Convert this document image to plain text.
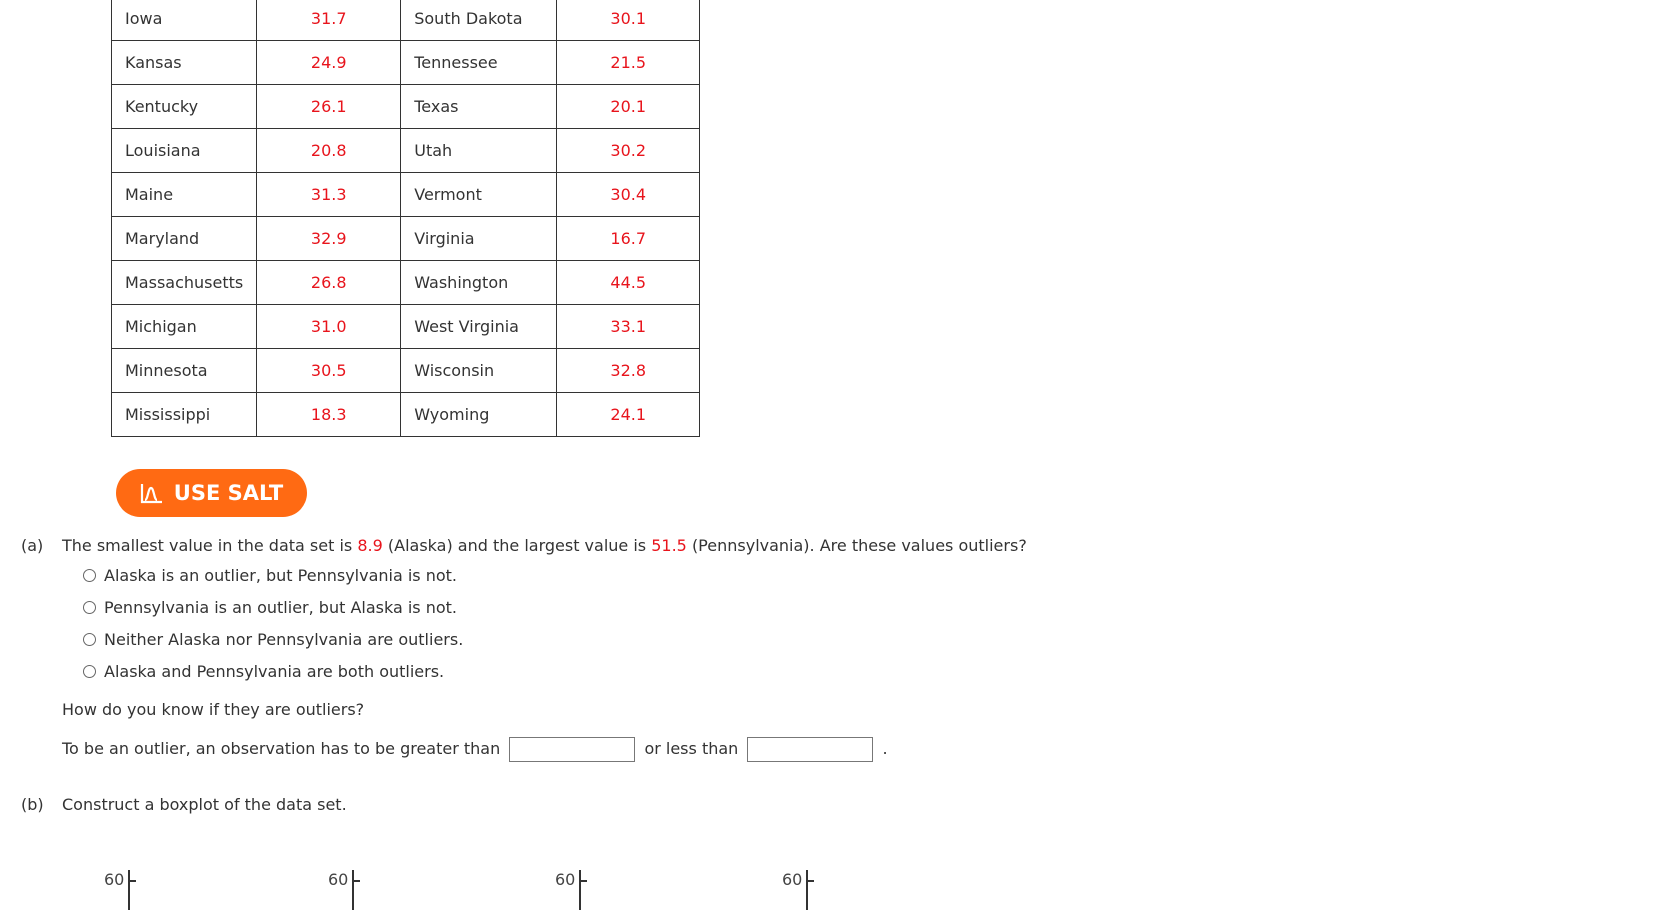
Iowa	31.7	South Dakota	30.1
Kansas	24.9	Tennessee	21.5
Kentucky	26.1	Texas	20.1
Louisiana	20.8	Utah	30.2
Maine	31.3	Vermont	30.4
Maryland	32.9	Virginia	16.7
Massachusetts	26.8	Washington	44.5
Michigan	31.0	West Virginia	33.1
Minnesota	30.5	Wisconsin	32.8
Mississippi	18.3	Wyoming	24.1
USE SALT
(a) The smallest value in the data set is 8.9 (Alaska) and the largest value is 51.5 (Pennsylvania). Are these values outliers?
Alaska is an outlier, but Pennsylvania is not.
Pennsylvania is an outlier, but Alaska is not.
Neither Alaska nor Pennsylvania are outliers.
Alaska and Pennsylvania are both outliers.
How do you know if they are outliers?
To be an outlier, an observation has to be greater than	or less than	.
(b) Construct a boxplot of the data set.
60	60	60	60
